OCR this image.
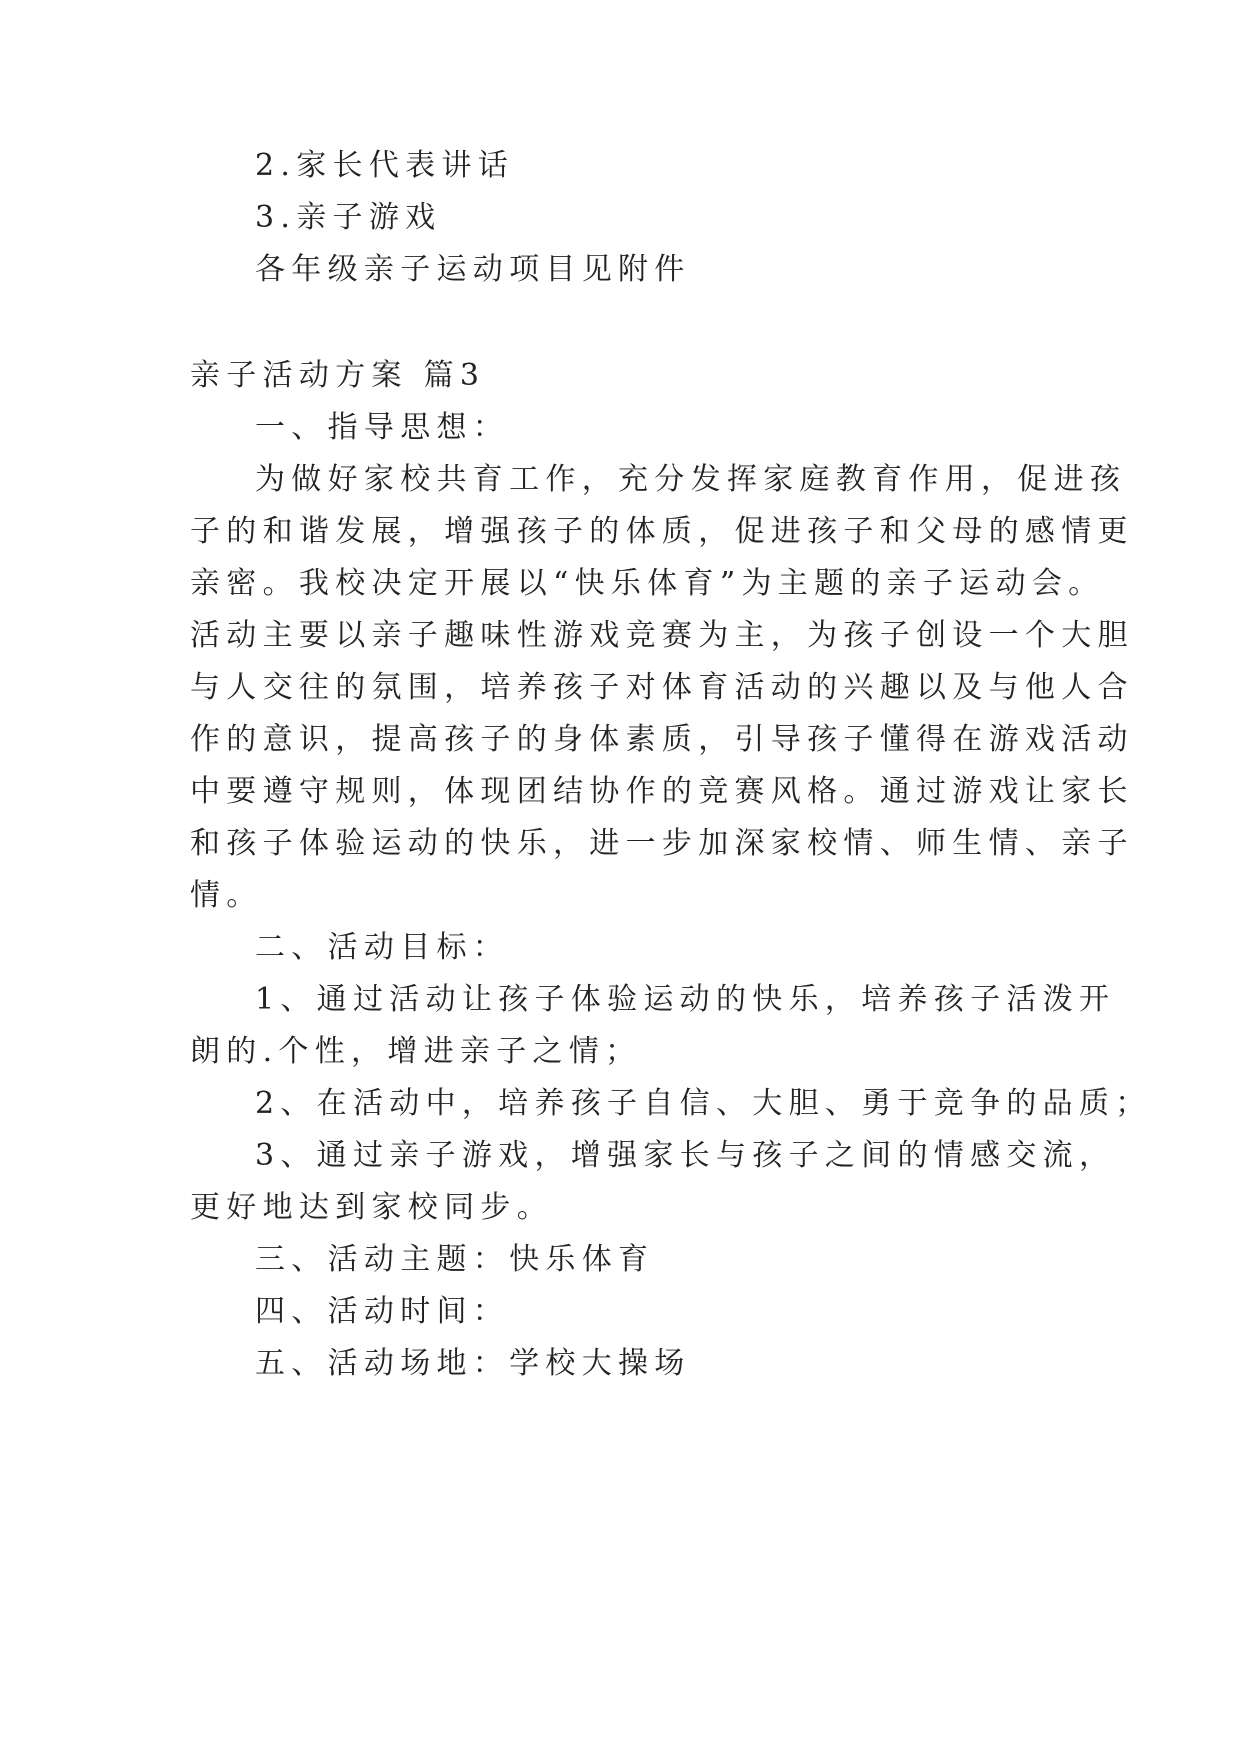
2.家长代表讲话
3.亲子游戏
各年级亲子运动项目见附件
亲子活动方案 篇3
一、指导思想：
为做好家校共育工作，充分发挥家庭教育作用，促进孩
子的和谐发展，增强孩子的体质，促进孩子和父母的感情更
亲密。我校决定开展以“快乐体育”为主题的亲子运动会。
活动主要以亲子趣味性游戏竞赛为主，为孩子创设一个大胆
与人交往的氛围，培养孩子对体育活动的兴趣以及与他人合
作的意识，提高孩子的身体素质，引导孩子懂得在游戏活动
中要遵守规则，体现团结协作的竞赛风格。通过游戏让家长
和孩子体验运动的快乐，进一步加深家校情、师生情、亲子
情。
二、活动目标：
1、通过活动让孩子体验运动的快乐，培养孩子活泼开
朗的.个性，增进亲子之情；
2、在活动中，培养孩子自信、大胆、勇于竞争的品质；
3、通过亲子游戏，增强家长与孩子之间的情感交流，
更好地达到家校同步。
三、活动主题：快乐体育
四、活动时间：
五、活动场地：学校大操场
